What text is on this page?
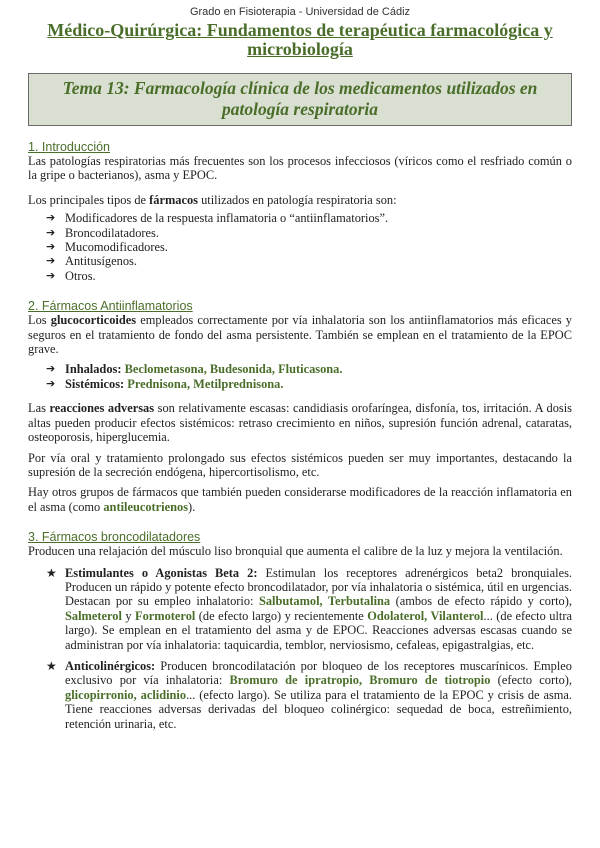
Grado en Fisioterapia - Universidad de Cádiz
Médico-Quirúrgica: Fundamentos de terapéutica farmacológica y microbiología
Tema 13: Farmacología clínica de los medicamentos utilizados en patología respiratoria
1. Introducción

Las patologías respiratorias más frecuentes son los procesos infecciosos (víricos como el resfriado común o la gripe o bacterianos), asma y EPOC.

Los principales tipos de fármacos utilizados en patología respiratoria son:

➔ Modificadores de la respuesta inflamatoria o “antiinflamatorios”.
➔ Broncodilatadores.
➔ Mucomodificadores.
➔ Antitusígenos.
➔ Otros.
2. Fármacos Antiinflamatorios

Los glucocorticoides empleados correctamente por vía inhalatoria son los antiinflamatorios más eficaces y seguros en el tratamiento de fondo del asma persistente. También se emplean en el tratamiento de la EPOC grave.

➔ Inhalados: Beclometasona, Budesonida, Fluticasona.
➔ Sistémicos: Prednisona, Metilprednisona.

Las reacciones adversas son relativamente escasas: candidiasis orofaríngea, disfonía, tos, irritación. A dosis altas pueden producir efectos sistémicos: retraso crecimiento en niños, supresión función adrenal, cataratas, osteoporosis, hiperglucemia.

Por vía oral y tratamiento prolongado sus efectos sistémicos pueden ser muy importantes, destacando la supresión de la secreción endógena, hipercortisolismo, etc.

Hay otros grupos de fármacos que también pueden considerarse modificadores de la reacción inflamatoria en el asma (como antileucotrienos).

3. Fármacos broncodilatadores

Producen una relajación del músculo liso bronquial que aumenta el calibre de la luz y mejora la ventilación.

★ Estimulantes o Agonistas Beta 2: Estimulan los receptores adrenérgicos beta2 bronquiales. Producen un rápido y potente efecto broncodilatador, por vía inhalatoria o sistémica, útil en urgencias. Destacan por su empleo inhalatorio: Salbutamol, Terbutalina (ambos de efecto rápido y corto), Salmeterol y Formoterol (de efecto largo) y recientemente Odolaterol, Vilanterol... (de efecto ultra largo). Se emplean en el tratamiento del asma y de EPOC. Reacciones adversas escasas cuando se administran por vía inhalatoria: taquicardia, temblor, nerviosismo, cefaleas, epigastralgias, etc.
★ Anticolinérgicos: Producen broncodilatación por bloqueo de los receptores muscarínicos. Empleo exclusivo por vía inhalatoria: Bromuro de ipratropio, Bromuro de tiotropio (efecto corto), glicopirronio, aclidinio... (efecto largo). Se utiliza para el tratamiento de la EPOC y crisis de asma. Tiene reacciones adversas derivadas del bloqueo colinérgico: sequedad de boca, estreñimiento, retención urinaria, etc.
